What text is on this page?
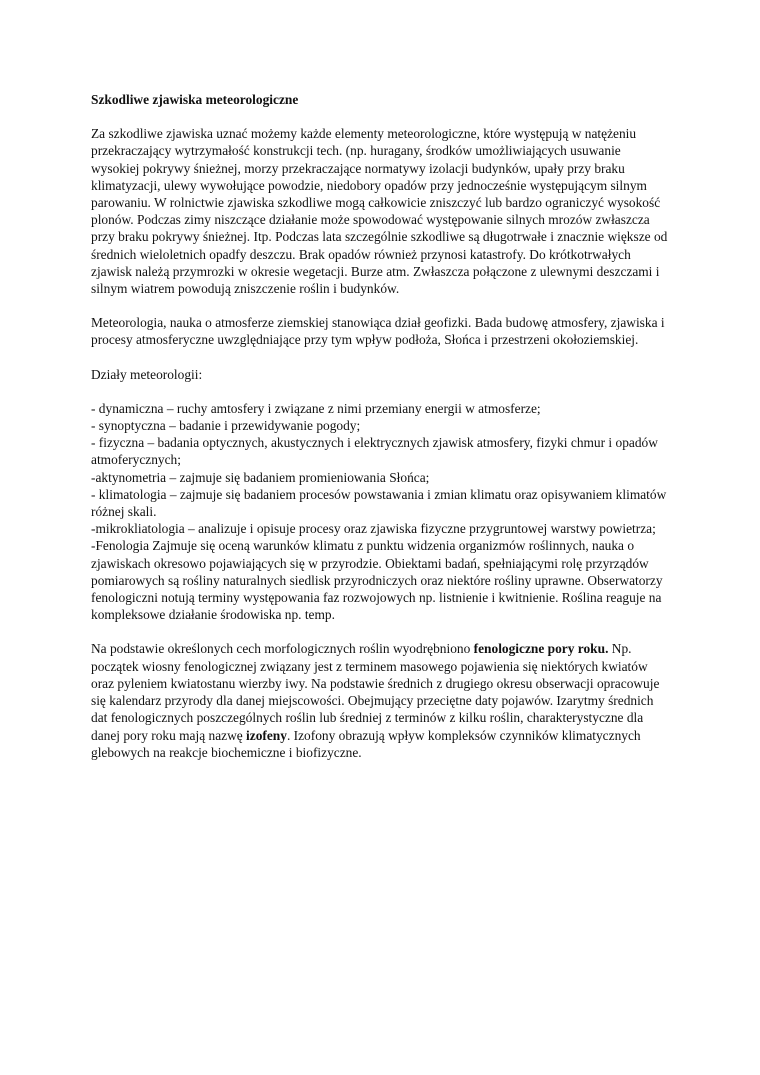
Szkodliwe zjawiska meteorologiczne

Za szkodliwe zjawiska uznać możemy każde elementy meteorologiczne, które występują w natężeniu przekraczający wytrzymałość konstrukcji tech. (np. huragany, środków umożliwiających usuwanie wysokiej pokrywy śnieżnej, morzy przekraczające normatywy izolacji budynków, upały przy braku klimatyzacji, ulewy wywołujące powodzie, niedobory opadów przy jednocześnie występującym silnym parowaniu. W rolnictwie zjawiska szkodliwe mogą całkowicie zniszczyć lub bardzo ograniczyć wysokość plonów. Podczas zimy niszczące działanie może spowodować występowanie silnych mrozów zwłaszcza przy braku pokrywy śnieżnej. Itp. Podczas lata szczególnie szkodliwe są długotrwałe i znacznie większe od średnich wieloletnich opadfy deszczu. Brak opadów również przynosi katastrofy. Do krótkotrwałych zjawisk należą przymrozki w okresie wegetacji. Burze atm. Zwłaszcza połączone z ulewnymi deszczami i silnym wiatrem powodują zniszczenie roślin i budynków.

Meteorologia, nauka o atmosferze ziemskiej stanowiąca dział geofizki. Bada budowę atmosfery, zjawiska i procesy atmosferyczne uwzględniające przy tym wpływ podłoża, Słońca i przestrzeni okołoziemskiej.

Działy meteorologii:

- dynamiczna – ruchy amtosfery i związane z nimi przemiany energii w atmosferze;

- synoptyczna – badanie i przewidywanie pogody;

- fizyczna – badania optycznych, akustycznych i elektrycznych zjawisk atmosfery, fizyki chmur i opadów atmoferycznych;

-aktynometria – zajmuje się badaniem promieniowania Słońca;

- klimatologia – zajmuje się badaniem procesów powstawania i zmian klimatu oraz opisywaniem klimatów różnej skali.

-mikrokliatologia – analizuje i opisuje procesy oraz zjawiska fizyczne przygruntowej warstwy powietrza;

-Fenologia Zajmuje się oceną warunków klimatu z punktu widzenia organizmów roślinnych, nauka o zjawiskach okresowo pojawiających się w przyrodzie. Obiektami badań, spełniającymi rolę przyrządów pomiarowych są rośliny naturalnych siedlisk przyrodniczych oraz niektóre rośliny uprawne. Obserwatorzy fenologiczni notują terminy występowania faz rozwojowych np. listnienie i kwitnienie. Roślina reaguje na kompleksowe działanie środowiska np. temp.

Na podstawie określonych cech morfologicznych roślin wyodrębniono fenologiczne pory roku. Np. początek wiosny fenologicznej związany jest z terminem masowego pojawienia się niektórych kwiatów oraz pyleniem kwiatostanu wierzby iwy. Na podstawie średnich z drugiego okresu obserwacji opracowuje się kalendarz przyrody dla danej miejscowości. Obejmujący przeciętne daty pojawów. Izarytmy średnich dat fenologicznych poszczególnych roślin lub średniej z terminów z kilku roślin, charakterystyczne dla danej pory roku mają nazwę izofeny. Izofony obrazują wpływ kompleksów czynników klimatycznych glebowych na reakcje biochemiczne i biofizyczne.
